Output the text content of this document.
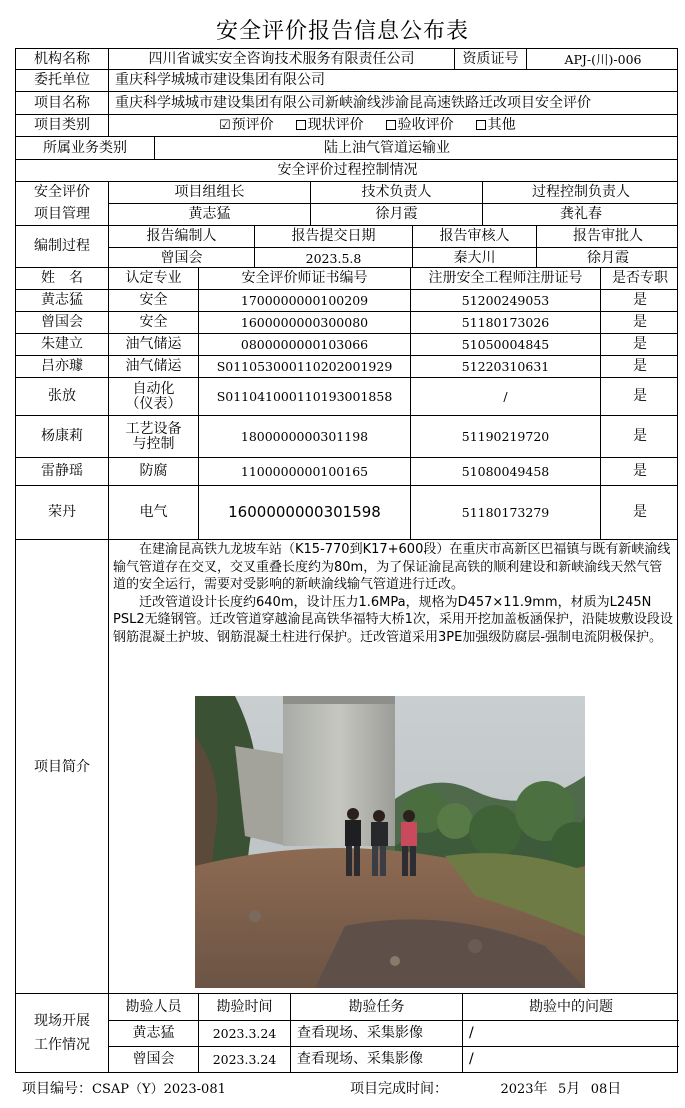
安全评价报告信息公布表
机构名称	四川省诚实安全咨询技术服务有限责任公司	资质证号	APJ-(川)-006
委托单位	重庆科学城城市建设集团有限公司
项目名称	重庆科学城城市建设集团有限公司新峡渝线涉渝昆高速铁路迁改项目安全评价
项目类别	☑预评价	现状评价	验收评价	其他
所属业务类别	陆上油气管道运输业
安全评价过程控制情况
安全评价	项目组组长	技术负责人	过程控制负责人
项目管理	黄志猛	徐月霞	龚礼春
编制过程
报告编制人	报告提交日期	报告审核人	报告审批人
曾国会	2023.5.8	秦大川	徐月霞
姓　名	认定专业	安全评价师证书编号	注册安全工程师注册证号	是否专职
黄志猛	安全	1700000000100209	51200249053	是
曾国会	安全	1600000000300080	51180173026	是
朱建立	油气储运	0800000000103066	51050004845	是
吕亦璩	油气储运	S011053000110202001929	51220310631	是
张放	自动化（仪表）	S011041000110193001858	/	是
杨康莉	工艺设备与控制	1800000000301198	51190219720	是
雷静瑶	防腐	1100000000100165	51080049458	是
荣丹	电气	1600000000301598	51180173279	是
项目简介

在建渝昆高铁九龙坡车站（K15-770到K17+600段）在重庆市高新区巴福镇与既有新峡渝线输气管道存在交叉，交叉重叠长度约为80m，为了保证渝昆高铁的顺利建设和新峡渝线天然气管道的安全运行，需要对受影响的新峡渝线输气管道进行迁改。

迁改管道设计长度约640m，设计压力1.6MPa，规格为D457×11.9mm，材质为L245N PSL2无缝钢管。迁改管道穿越渝昆高铁华福特大桥1次，采用开挖加盖板涵保护，沿陡坡敷设段设钢筋混凝土护坡、钢筋混凝土柱进行保护。迁改管道采用3PE加强级防腐层-强制电流阴极保护。

现场开展
工作情况
勘验人员	勘验时间	勘验任务	勘验中的问题
黄志猛	2023.3.24	查看现场、采集影像	/
曾国会	2023.3.24	查看现场、采集影像	/
项目编号：CSAP（Y）2023-081	项目完成时间：	2023年 5月 08日
